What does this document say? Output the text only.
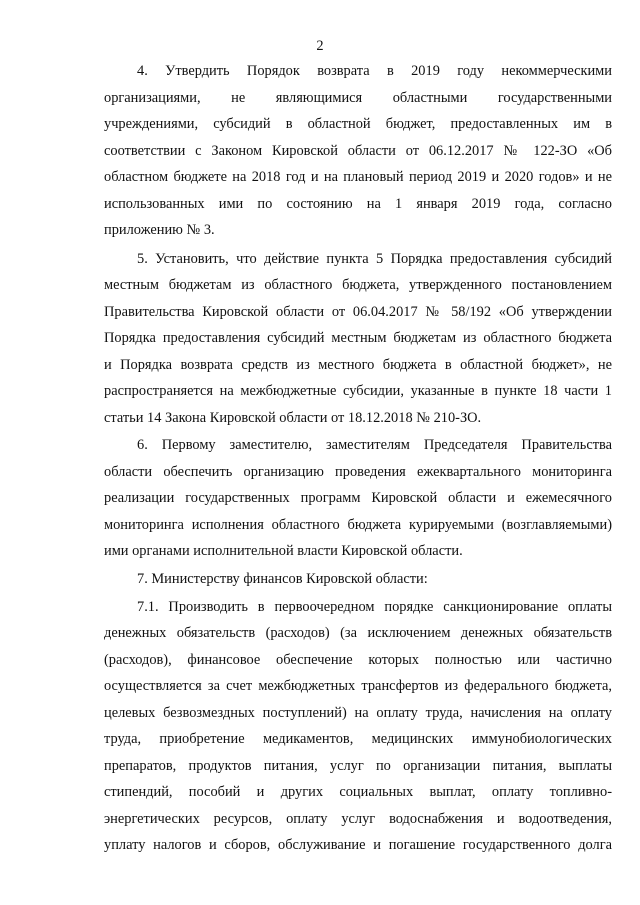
2
4. Утвердить Порядок возврата в 2019 году некоммерческими
организациями, не являющимися областными государственными
учреждениями, субсидий в областной бюджет, предоставленных им в
соответствии с Законом Кировской области от 06.12.2017 № 122-ЗО «Об
областном бюджете на 2018 год и на плановый период 2019 и 2020 годов» и не
использованных ими по состоянию на 1 января 2019 года, согласно
приложению № 3.
5. Установить, что действие пункта 5 Порядка предоставления субсидий
местным бюджетам из областного бюджета, утвержденного постановлением
Правительства Кировской области от 06.04.2017 № 58/192 «Об утверждении
Порядка предоставления субсидий местным бюджетам из областного бюджета
и Порядка возврата средств из местного бюджета в областной бюджет», не
распространяется на межбюджетные субсидии, указанные в пункте 18 части 1
статьи 14 Закона Кировской области от 18.12.2018 № 210-ЗО.
6. Первому заместителю, заместителям Председателя Правительства
области обеспечить организацию проведения ежеквартального мониторинга
реализации государственных программ Кировской области и ежемесячного
мониторинга исполнения областного бюджета курируемыми (возглавляемыми)
ими органами исполнительной власти Кировской области.
7. Министерству финансов Кировской области:
7.1. Производить в первоочередном порядке санкционирование оплаты
денежных обязательств (расходов) (за исключением денежных обязательств
(расходов), финансовое обеспечение которых полностью или частично
осуществляется за счет межбюджетных трансфертов из федерального бюджета,
целевых безвозмездных поступлений) на оплату труда, начисления на оплату
труда, приобретение медикаментов, медицинских иммунобиологических
препаратов, продуктов питания, услуг по организации питания, выплаты
стипендий, пособий и других социальных выплат, оплату топливно-
энергетических ресурсов, оплату услуг водоснабжения и водоотведения,
уплату налогов и сборов, обслуживание и погашение государственного долга
